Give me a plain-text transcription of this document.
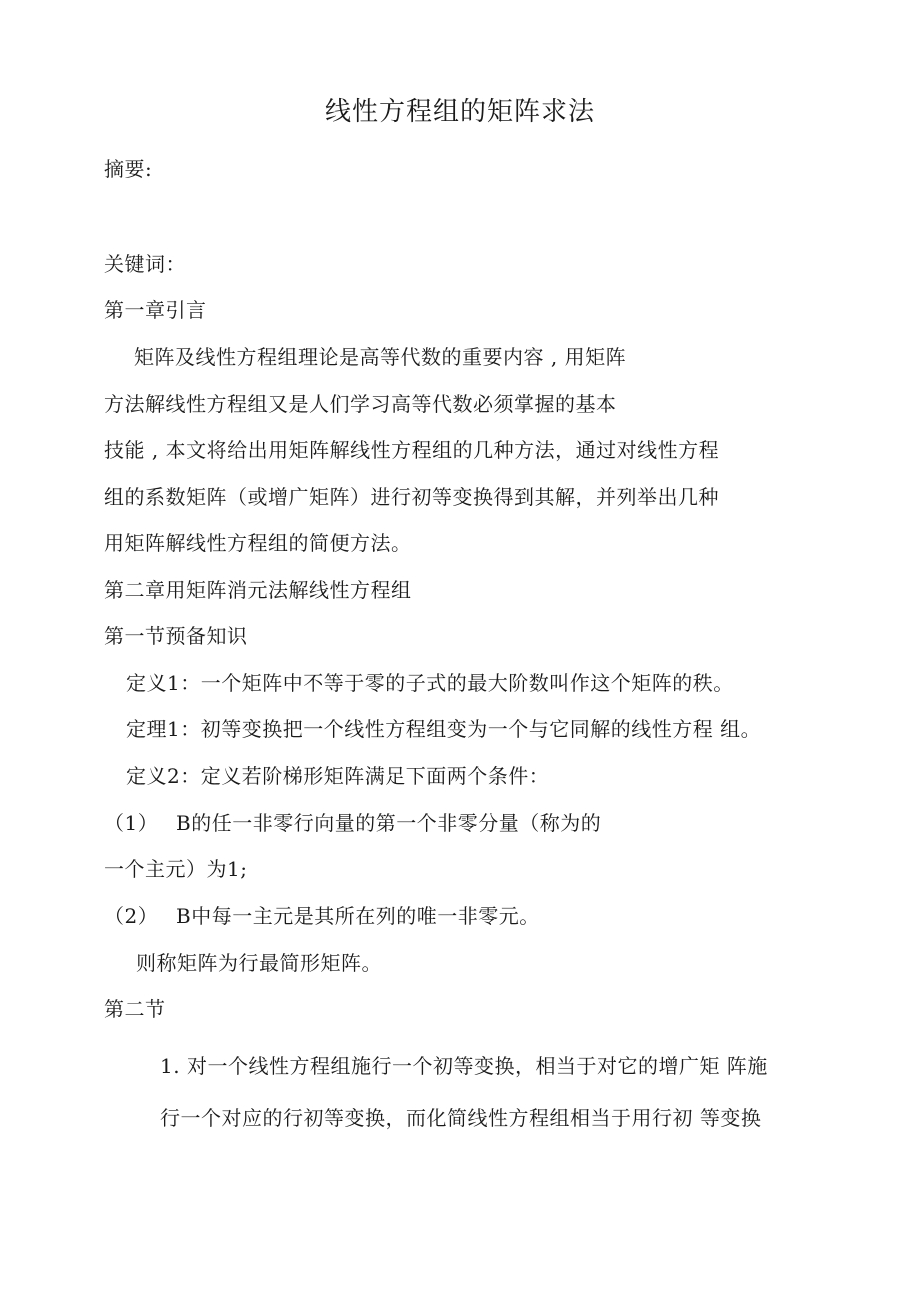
线性方程组的矩阵求法
摘要:
关键词：
第一章引言
矩阵及线性方程组理论是高等代数的重要内容 , 用矩阵
方法解线性方程组又是人们学习高等代数必须掌握的基本
技能 , 本文将给出用矩阵解线性方程组的几种方法，通过对线性方程
组的系数矩阵（或增广矩阵）进行初等变换得到其解，并列举出几种
用矩阵解线性方程组的简便方法。
第二章用矩阵消元法解线性方程组
第一节预备知识
定义1：一个矩阵中不等于零的子式的最大阶数叫作这个矩阵的秩。
定理1：初等变换把一个线性方程组变为一个与它同解的线性方程 组。
定义2：定义若阶梯形矩阵满足下面两个条件：
（1） B的任一非零行向量的第一个非零分量（称为的
一个主元）为1;
（2） B中每一主元是其所在列的唯一非零元。
则称矩阵为行最简形矩阵。
第二节
1. 对一个线性方程组施行一个初等变换，相当于对它的增广矩 阵施
行一个对应的行初等变换，而化简线性方程组相当于用行初 等变换
